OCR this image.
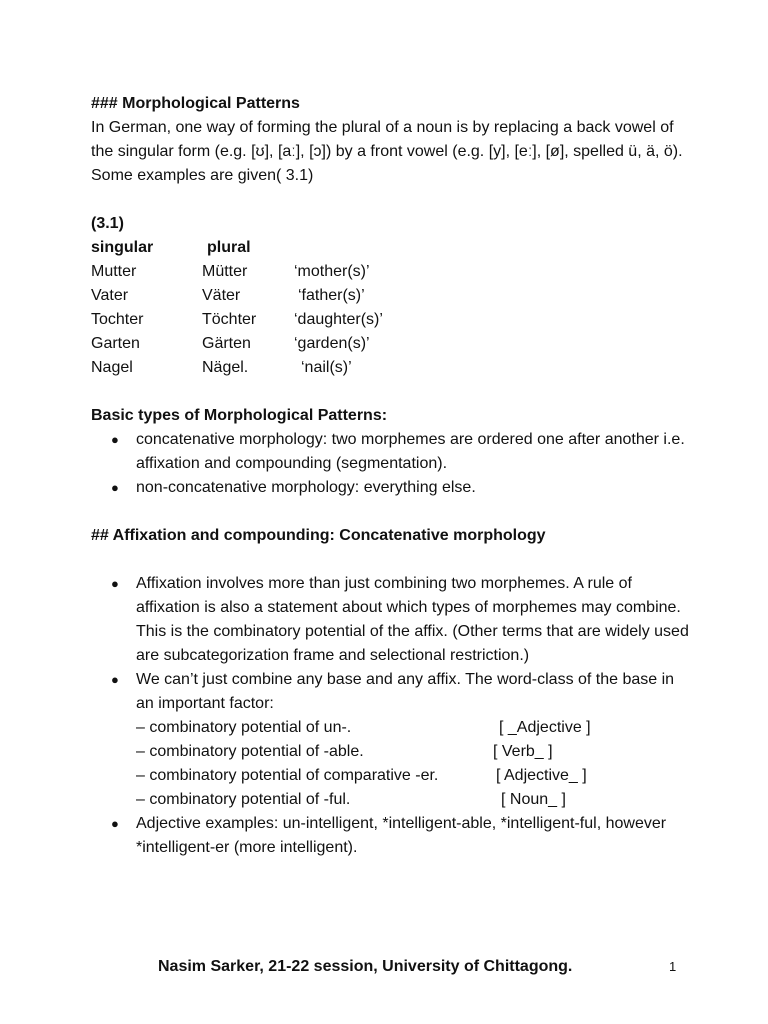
### Morphological Patterns

In German, one way of forming the plural of a noun is by replacing a back vowel of the singular form (e.g. [ʊ], [aː], [ɔ]) by a front vowel (e.g. [y], [eː], [ø], spelled ü, ä, ö). Some examples are given( 3.1)

(3.1)

singular	plural	
Mutter	Mütter	‘mother(s)’
Vater	Väter	‘father(s)’
Tochter	Töchter	‘daughter(s)’
Garten	Gärten	‘garden(s)’
Nagel	Nägel.	‘nail(s)’

Basic types of Morphological Patterns:

● concatenative morphology: two morphemes are ordered one after another i.e. affixation and compounding (segmentation).
● non-concatenative morphology: everything else.

## Affixation and compounding: Concatenative morphology

● Affixation involves more than just combining two morphemes. A rule of affixation is also a statement about which types of morphemes may combine. This is the combinatory potential of the affix. (Other terms that are widely used are subcategorization frame and selectional restriction.)
● We can’t just combine any base and any affix. The word-class of the base in an important factor:
– combinatory potential of un-.	[ _Adjective ]
– combinatory potential of -able.	[ Verb_ ]
– combinatory potential of comparative -er.	[ Adjective_ ]
– combinatory potential of -ful.	[ Noun_ ]
● Adjective examples: un-intelligent, *intelligent-able, *intelligent-ful, however *intelligent-er (more intelligent).
Nasim Sarker, 21-22 session, University of Chittagong.	1
